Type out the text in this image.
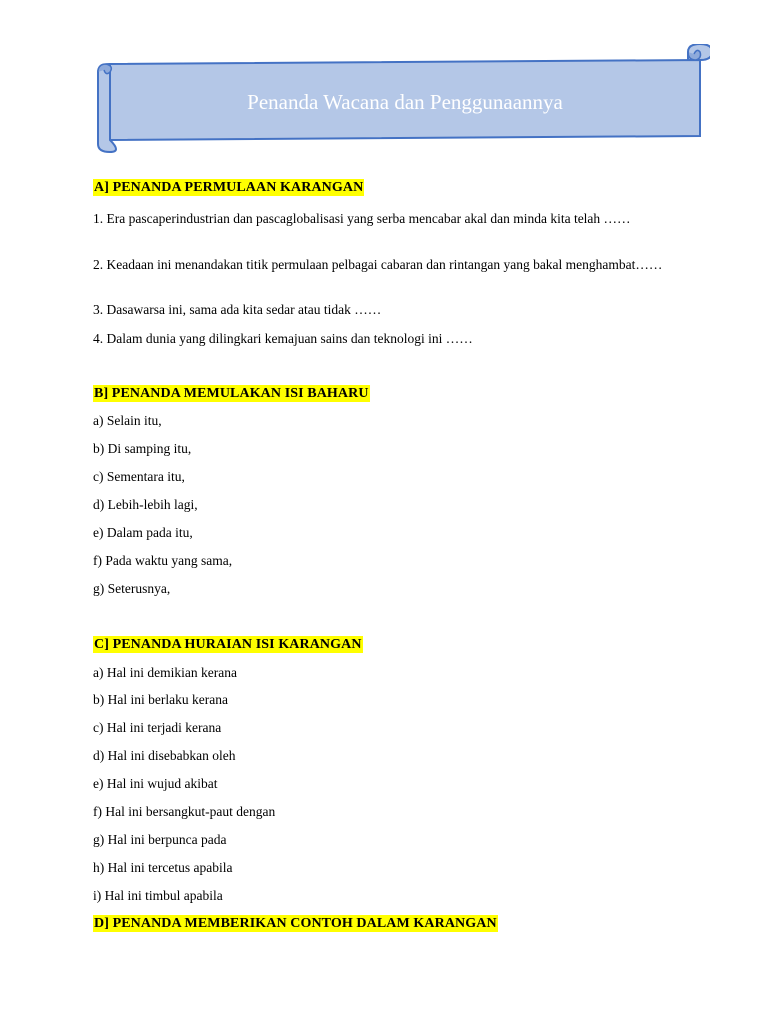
Penanda Wacana dan Penggunaannya
A] PENANDA PERMULAAN KARANGAN

1. Era pascaperindustrian dan pascaglobalisasi yang serba mencabar akal dan minda kita telah ……

2. Keadaan ini menandakan titik permulaan pelbagai cabaran dan rintangan yang bakal menghambat……

3. Dasawarsa ini, sama ada kita sedar atau tidak ……

4. Dalam dunia yang dilingkari kemajuan sains dan teknologi ini ……

B] PENANDA MEMULAKAN ISI BAHARU

a) Selain itu,

b) Di samping itu,

c) Sementara itu,

d) Lebih-lebih lagi,

e) Dalam pada itu,

f) Pada waktu yang sama,

g) Seterusnya,

C] PENANDA HURAIAN ISI KARANGAN

a) Hal ini demikian kerana

b) Hal ini berlaku kerana

c) Hal ini terjadi kerana

d) Hal ini disebabkan oleh

e) Hal ini wujud akibat

f) Hal ini bersangkut-paut dengan

g) Hal ini berpunca pada

h) Hal ini tercetus apabila

i) Hal ini timbul apabila

D] PENANDA MEMBERIKAN CONTOH DALAM KARANGAN
